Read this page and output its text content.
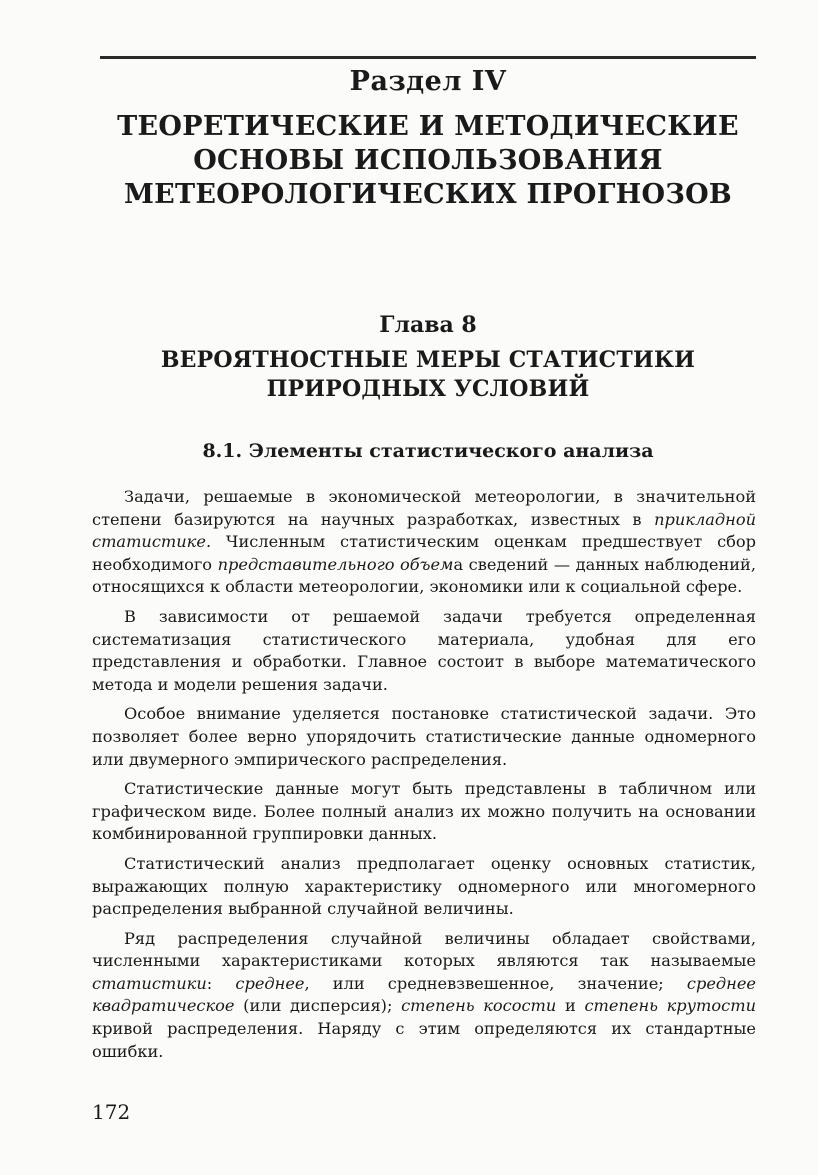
Раздел IV
ТЕОРЕТИЧЕСКИЕ И МЕТОДИЧЕСКИЕ
ОСНОВЫ ИСПОЛЬЗОВАНИЯ
МЕТЕОРОЛОГИЧЕСКИХ ПРОГНОЗОВ
Глава 8
ВЕРОЯТНОСТНЫЕ МЕРЫ СТАТИСТИКИ
ПРИРОДНЫХ УСЛОВИЙ
8.1. Элементы статистического анализа

Задачи, решаемые в экономической метеорологии, в значительной степени базируются на научных разработках, известных в прикладной статистике. Численным статистическим оценкам предшествует сбор необходимого представительного объема сведений — данных наблюдений, относящихся к области метеорологии, экономики или к социальной сфере.

В зависимости от решаемой задачи требуется определенная систематизация статистического материала, удобная для его представления и обработки. Главное состоит в выборе математического метода и модели решения задачи.

Особое внимание уделяется постановке статистической задачи. Это позволяет более верно упорядочить статистические данные одномерного или двумерного эмпирического распределения.

Статистические данные могут быть представлены в табличном или графическом виде. Более полный анализ их можно получить на основании комбинированной группировки данных.

Статистический анализ предполагает оценку основных статистик, выражающих полную характеристику одномерного или многомерного распределения выбранной случайной величины.

Ряд распределения случайной величины обладает свойствами, численными характеристиками которых являются так называемые статистики: среднее, или средневзвешенное, значение; среднее квадратическое (или дисперсия); степень косости и степень крутости кривой распределения. Наряду с этим определяются их стандартные ошибки.

172
